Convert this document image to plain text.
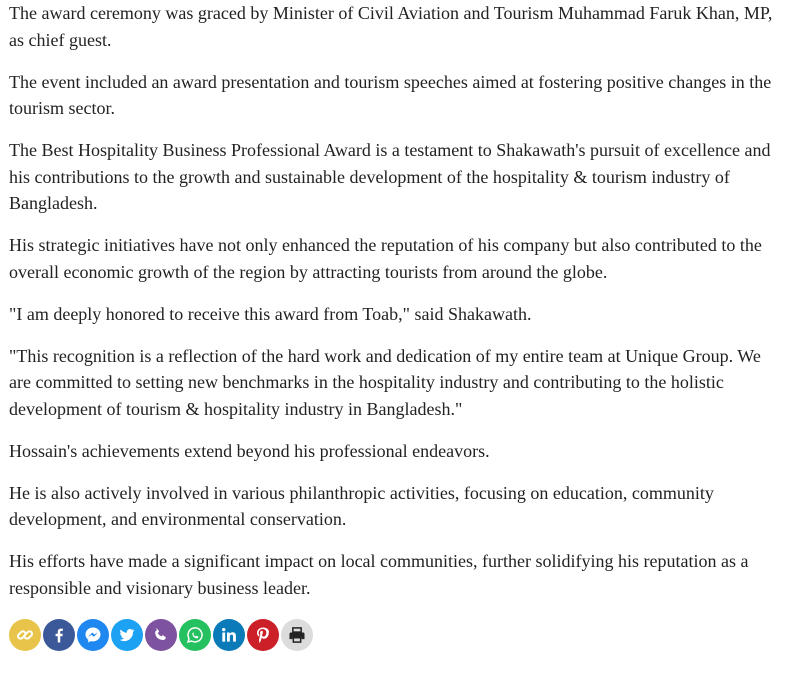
The award ceremony was graced by Minister of Civil Aviation and Tourism Muhammad Faruk Khan, MP, as chief guest.

The event included an award presentation and tourism speeches aimed at fostering positive changes in the tourism sector.

The Best Hospitality Business Professional Award is a testament to Shakawath's pursuit of excellence and his contributions to the growth and sustainable development of the hospitality & tourism industry of Bangladesh.

His strategic initiatives have not only enhanced the reputation of his company but also contributed to the overall economic growth of the region by attracting tourists from around the globe.

"I am deeply honored to receive this award from Toab," said Shakawath.

"This recognition is a reflection of the hard work and dedication of my entire team at Unique Group. We are committed to setting new benchmarks in the hospitality industry and contributing to the holistic development of tourism & hospitality industry in Bangladesh."

Hossain's achievements extend beyond his professional endeavors.

He is also actively involved in various philanthropic activities, focusing on education, community development, and environmental conservation.

His efforts have made a significant impact on local communities, further solidifying his reputation as a responsible and visionary business leader.
